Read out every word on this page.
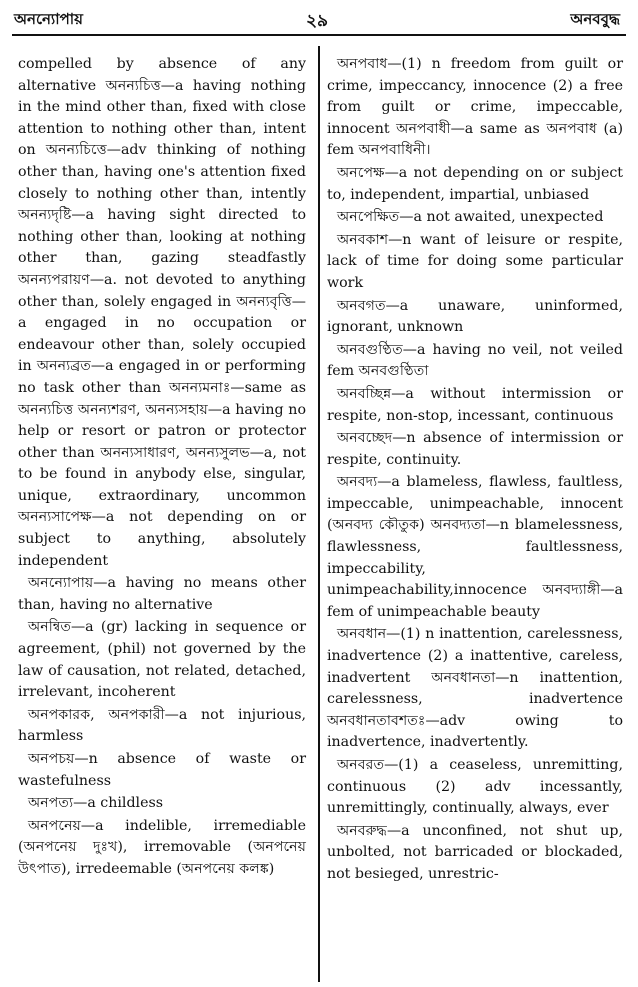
অনন্যোপায়	২৯	অনববুদ্ধ

compelled by absence of any alternative অনন্যচিত্ত—a having nothing in the mind other than, fixed with close attention to nothing other than, intent on অনন্যচিত্তে—adv thinking of nothing other than, having one's attention fixed closely to nothing other than, intently অনন্যদৃষ্টি—a having sight directed to nothing other than, looking at nothing other than, gazing steadfastly অনন্যপরায়ণ—a. not devoted to anything other than, solely engaged in অনন্যবৃত্তি—a engaged in no occupation or endeavour other than, solely occupied in অনন্যব্রত—a engaged in or performing no task other than অনন্যমনাঃ—same as অনন্যচিত্ত অনন্যশরণ, অনন্যসহায়—a having no help or resort or patron or protector other than অনন্যসাধারণ, অনন্যসুলভ—a, not to be found in anybody else, singular, unique, extraordinary, uncommon অনন্যসাপেক্ষ—a not depending on or subject to anything, absolutely independent

অনন্যোপায়—a having no means other than, having no alternative

অনন্বিত—a (gr) lacking in sequence or agreement, (phil) not governed by the law of causation, not related, detached, irrelevant, incoherent

অনপকারক, অনপকারী—a not injurious, harmless

অনপচয়—n absence of waste or wastefulness

অনপত্য—a childless

অনপনেয়—a indelible, irremediable (অনপনেয় দুঃখ), irremovable (অনপনেয় উৎপাত), irredeemable (অনপনেয় কলঙ্ক)

অনপবাধ—(1) n freedom from guilt or crime, impeccancy, innocence (2) a free from guilt or crime, impeccable, innocent অনপবাধী—a same as অনপবাধ (a) fem অনপবাধিনী।

অনপেক্ষ—a not depending on or subject to, independent, impartial, unbiased

অনপেক্ষিত—a not awaited, unexpected

অনবকাশ—n want of leisure or respite, lack of time for doing some particular work

অনবগত—a unaware, uninformed, ignorant, unknown

অনবগুণ্ঠিত—a having no veil, not veiled fem অনবগুণ্ঠিতা

অনবচ্ছিন্ন—a without intermission or respite, non-stop, incessant, continuous

অনবচ্ছেদ—n absence of intermission or respite, continuity.

অনবদ্য—a blameless, flawless, faultless, impeccable, unimpeachable, innocent (অনবদ্য কৌতুক) অনবদ্যতা—n blamelessness, flawlessness, faultlessness, impeccability, unimpeachability,innocence অনবদ্যাঙ্গী—a fem of unimpeachable beauty

অনবধান—(1) n inattention, carelessness, inadvertence (2) a inattentive, careless, inadvertent অনবধানতা—n inattention, carelessness, inadvertence অনবধানতাবশতঃ—adv owing to inadvertence, inadvertently.

অনবরত—(1) a ceaseless, unremitting, continuous (2) adv incessantly, unremittingly, continually, always, ever

অনবরুদ্ধ—a unconfined, not shut up, unbolted, not barricaded or blockaded, not besieged, unrestric-
